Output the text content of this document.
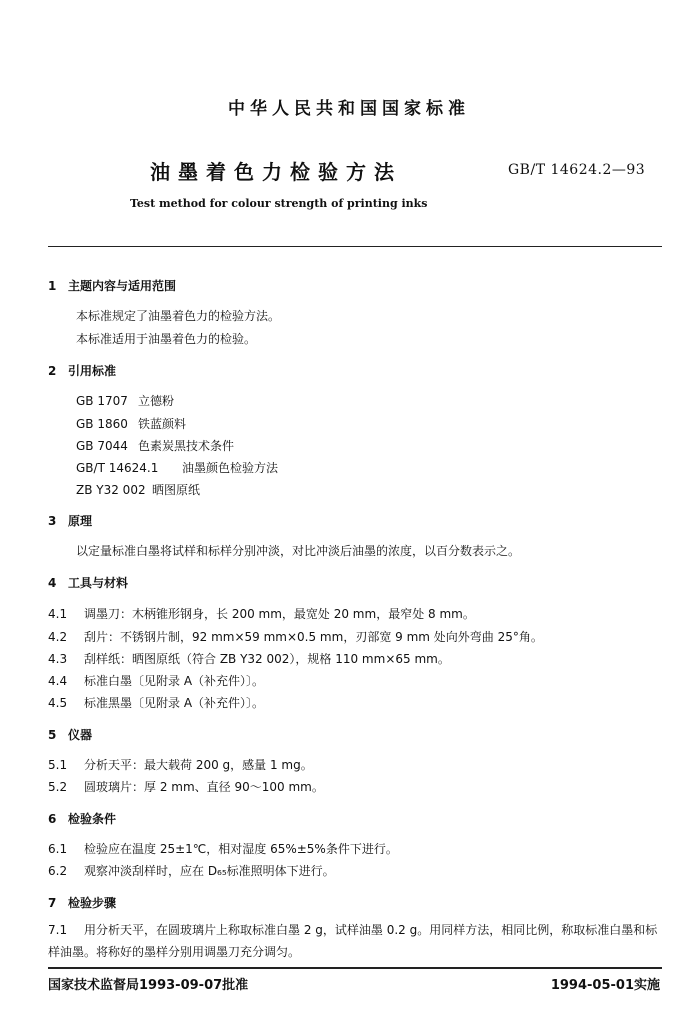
中华人民共和国国家标准
油墨着色力检验方法	GB/T 14624.2—93
Test method for colour strength of printing inks
1 主题内容与适用范围
本标准规定了油墨着色力的检验方法。
本标准适用于油墨着色力的检验。
2 引用标准
GB 1707 立德粉
GB 1860 铁蓝颜料
GB 7044 色素炭黑技术条件
GB/T 14624.1 油墨颜色检验方法
ZB Y32 002 晒图原纸
3 原理
以定量标准白墨将试样和标样分别冲淡，对比冲淡后油墨的浓度，以百分数表示之。
4 工具与材料
4.1 调墨刀：木柄锥形钢身，长 200 mm，最宽处 20 mm，最窄处 8 mm。
4.2 刮片：不锈钢片制，92 mm×59 mm×0.5 mm，刃部宽 9 mm 处向外弯曲 25°角。
4.3 刮样纸：晒图原纸（符合 ZB Y32 002），规格 110 mm×65 mm。
4.4 标准白墨〔见附录 A（补充件）〕。
4.5 标准黑墨〔见附录 A（补充件）〕。
5 仪器
5.1 分析天平：最大载荷 200 g，感量 1 mg。
5.2 圆玻璃片：厚 2 mm、直径 90～100 mm。
6 检验条件
6.1 检验应在温度 25±1℃，相对湿度 65%±5%条件下进行。
6.2 观察冲淡刮样时，应在 D₆₅标准照明体下进行。
7 检验步骤
7.1 用分析天平，在圆玻璃片上称取标准白墨 2 g，试样油墨 0.2 g。用同样方法，相同比例，称取标准白墨和标样油墨。将称好的墨样分别用调墨刀充分调匀。
国家技术监督局1993-09-07批准	1994-05-01实施
